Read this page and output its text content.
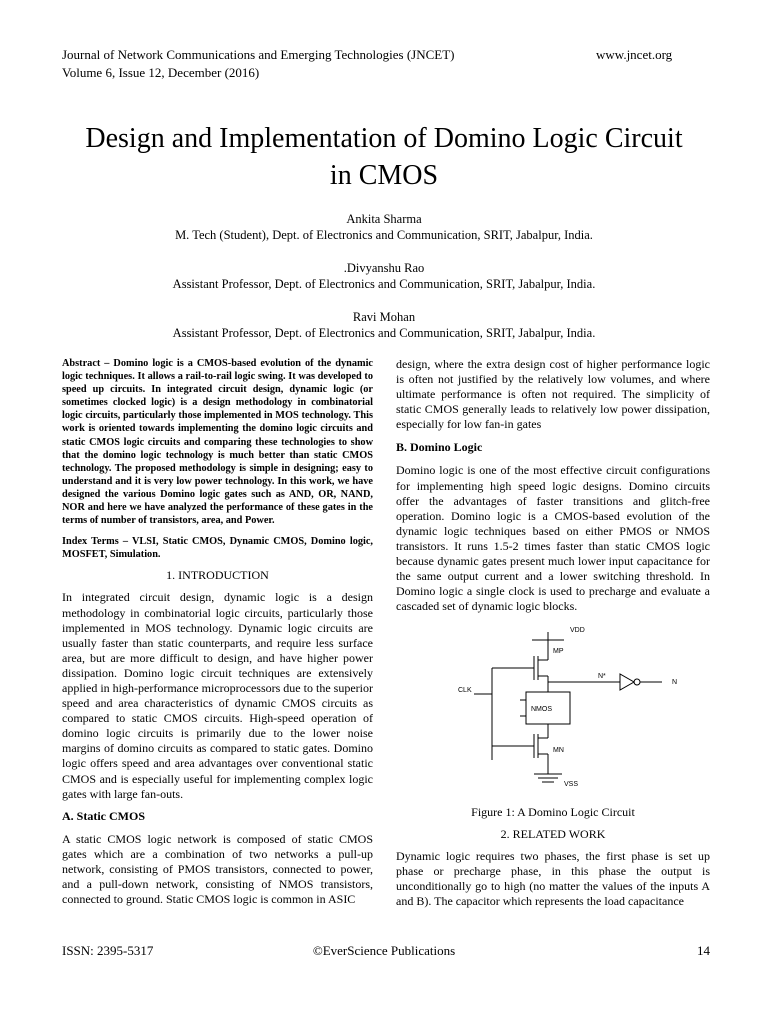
Journal of Network Communications and Emerging Technologies (JNCET)	www.jncet.org
Volume 6, Issue 12, December (2016)
Design and Implementation of Domino Logic Circuit
in CMOS
Ankita Sharma
M. Tech (Student), Dept. of Electronics and Communication, SRIT, Jabalpur, India.
.Divyanshu Rao
Assistant Professor, Dept. of Electronics and Communication, SRIT, Jabalpur, India.
Ravi Mohan
Assistant Professor, Dept. of Electronics and Communication, SRIT, Jabalpur, India.

Abstract – Domino logic is a CMOS-based evolution of the dynamic logic techniques. It allows a rail-to-rail logic swing. It was developed to speed up circuits. In integrated circuit design, dynamic logic (or sometimes clocked logic) is a design methodology in combinatorial logic circuits, particularly those implemented in MOS technology. This work is oriented towards implementing the domino logic circuits and static CMOS logic circuits and comparing these technologies to show that the domino logic technology is much better than static CMOS technology. The proposed methodology is simple in designing; easy to understand and it is very low power technology. In this work, we have designed the various Domino logic gates such as AND, OR, NAND, NOR and here we have analyzed the performance of these gates in the terms of number of transistors, area, and Power.

Index Terms – VLSI, Static CMOS, Dynamic CMOS, Domino logic, MOSFET, Simulation.

1. INTRODUCTION

In integrated circuit design, dynamic logic is a design methodology in combinatorial logic circuits, particularly those implemented in MOS technology. Dynamic logic circuits are usually faster than static counterparts, and require less surface area, but are more difficult to design, and have higher power dissipation. Domino logic circuit techniques are extensively applied in high-performance microprocessors due to the superior speed and area characteristics of dynamic CMOS circuits as compared to static CMOS circuits. High-speed operation of domino logic circuits is primarily due to the lower noise margins of domino circuits as compared to static gates. Domino logic offers speed and area advantages over conventional static CMOS and is especially useful for implementing complex logic gates with large fan-outs.

A. Static CMOS

A static CMOS logic network is composed of static CMOS gates which are a combination of two networks a pull-up network, consisting of PMOS transistors, connected to power, and a pull-down network, consisting of NMOS transistors, connected to ground. Static CMOS logic is common in ASIC

design, where the extra design cost of higher performance logic is often not justified by the relatively low volumes, and where ultimate performance is often not required. The simplicity of static CMOS generally leads to relatively low power dissipation, especially for low fan-in gates

B. Domino Logic

Domino logic is one of the most effective circuit configurations for implementing high speed logic designs. Domino circuits offer the advantages of faster transitions and glitch-free operation. Domino logic is a CMOS-based evolution of the dynamic logic techniques based on either PMOS or NMOS transistors. It runs 1.5-2 times faster than static CMOS logic because dynamic gates present much lower input capacitance for the same output current and a lower switching threshold. In Domino logic a single clock is used to precharge and evaluate a cascaded set of dynamic logic blocks.

VDD
MP
N*
N
CLK
NMOS
MN
VSS
Figure 1: A Domino Logic Circuit
2. RELATED WORK

Dynamic logic requires two phases, the first phase is set up phase or precharge phase, in this phase the output is unconditionally go to high (no matter the values of the inputs A and B). The capacitor which represents the load capacitance

ISSN: 2395-5317	©EverScience Publications	14
